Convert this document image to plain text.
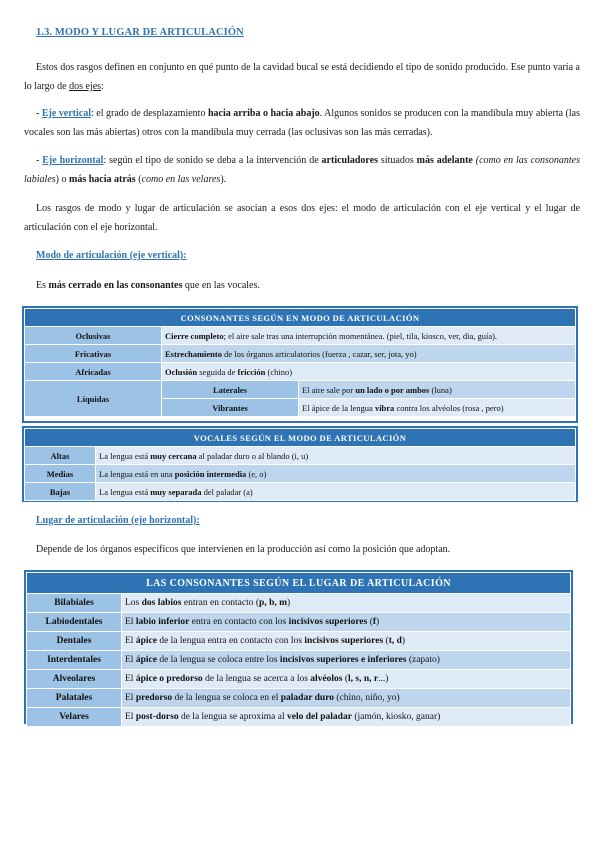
1.3. MODO Y LUGAR DE ARTICULACIÓN
Estos dos rasgos definen en conjunto en qué punto de la cavidad bucal se está decidiendo el tipo de sonido producido. Ese punto varía a lo largo de dos ejes:
- Eje vertical: el grado de desplazamiento hacia arriba o hacia abajo. Algunos sonidos se producen con la mandíbula muy abierta (las vocales son las más abiertas) otros con la mandíbula muy cerrada (las oclusivas son las más cerradas).
- Eje horizontal: según el tipo de sonido se deba a la intervención de articuladores situados más adelante (como en las consonantes labiales) o más hacia atrás (como en las velares).
Los rasgos de modo y lugar de articulación se asocian a esos dos ejes: el modo de articulación con el eje vertical y el lugar de articulación con el eje horizontal.
Modo de articulación (eje vertical):
Es más cerrado en las consonantes que en las vocales.
CONSONANTES SEGÚN EN MODO DE ARTICULACIÓN		
Oclusivas	Cierre completo; el aire sale tras una interrupción momentánea. (piel, tila, kiosco, ver, dia, guía).	
Fricativas	Estrechamiento de los órganos articulatorios (fuerza , cazar, ser, jota, yo)	
Africadas	Oclusión seguida de fricción (chino)	
Líquidas	Laterales	El aire sale por un lado o por ambos (luna)
	Vibrantes	El ápice de la lengua vibra contra los alvéolos (rosa , pero)
VOCALES SEGÚN EL MODO DE ARTICULACIÓN	
Altas	La lengua está muy cercana al paladar duro o al blando (i, u)
Medias	La lengua está en una posición intermedia (e, o)
Bajas	La lengua está muy separada del paladar (a)
Lugar de articulación (eje horizontal):
Depende de los órganos específicos que intervienen en la producción así como la posición que adoptan.
LAS CONSONANTES SEGÚN EL LUGAR DE ARTICULACIÓN	
Bilabiales	Los dos labios entran en contacto (p, b, m)
Labiodentales	El labio inferior entra en contacto con los incisivos superiores (f)
Dentales	El ápice de la lengua entra en contacto con los incisivos superiores (t, d)
Interdentales	El ápice de la lengua se coloca entre los incisivos superiores e inferiores (zapato)
Alveolares	El ápice o predorso de la lengua se acerca a los alvéolos (l, s, n, r...)
Palatales	El predorso de la lengua se coloca en el paladar duro (chino, niño, yo)
Velares	El post-dorso de la lengua se aproxima al velo del paladar (jamón, kiosko, ganar)
